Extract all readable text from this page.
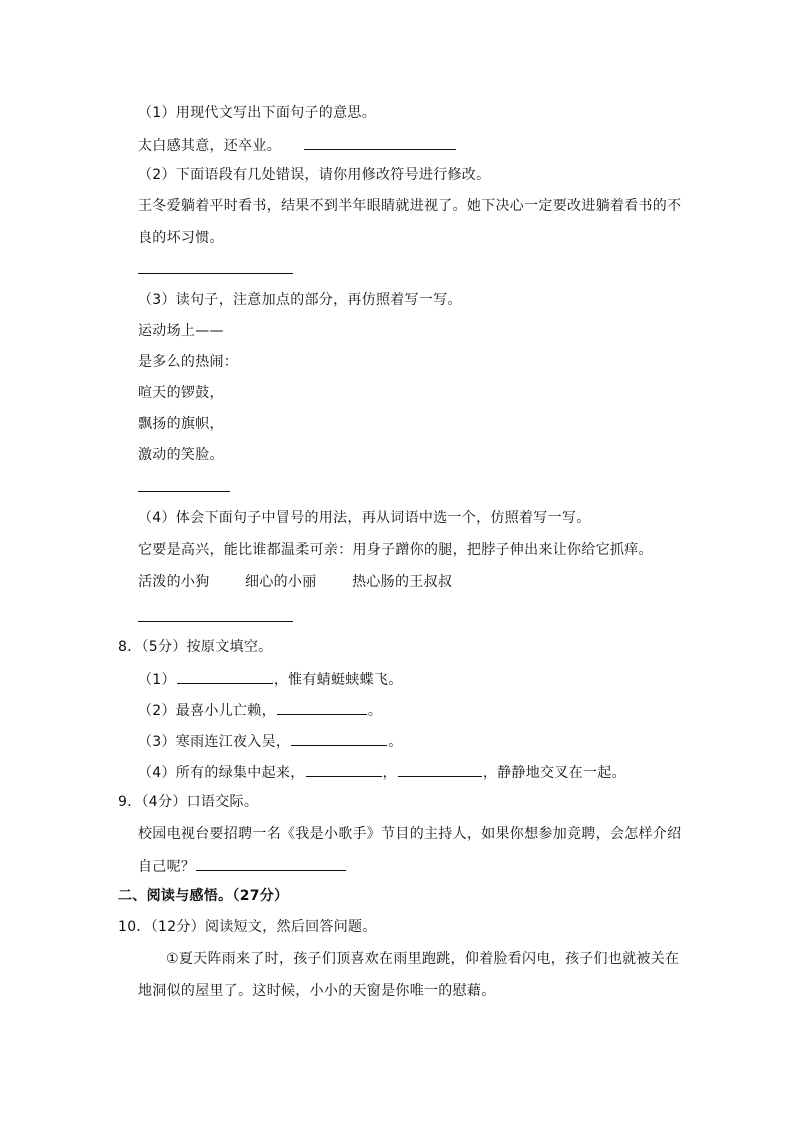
（1）用现代文写出下面句子的意思。
太白感其意，还卒业。
（2）下面语段有几处错误，请你用修改符号进行修改。
王冬爱躺着平时看书，结果不到半年眼睛就进视了。她下决心一定要改进躺着看书的不
良的坏习惯。
（3）读句子，注意加点的部分，再仿照着写一写。
运动场上——
是多么的热闹：
喧天的锣鼓，
飘扬的旗帜，
激动的笑脸。
（4）体会下面句子中冒号的用法，再从词语中选一个，仿照着写一写。
它要是高兴，能比谁都温柔可亲：用身子蹭你的腿，把脖子伸出来让你给它抓痒。
活泼的小狗	细心的小丽	热心肠的王叔叔
8．（5分）按原文填空。
（1）	，惟有蜻蜓蛱蝶飞。
（2）最喜小儿亡赖，	。
（3）寒雨连江夜入吴，	。
（4）所有的绿集中起来，	，	，静静地交叉在一起。
9．（4分）口语交际。
校园电视台要招聘一名《我是小歌手》节目的主持人，如果你想参加竞聘，会怎样介绍
自己呢？
二、阅读与感悟。（27分）
10．（12分）阅读短文，然后回答问题。
①夏天阵雨来了时，孩子们顶喜欢在雨里跑跳，仰着脸看闪电，孩子们也就被关在
地洞似的屋里了。这时候，小小的天窗是你唯一的慰藉。
